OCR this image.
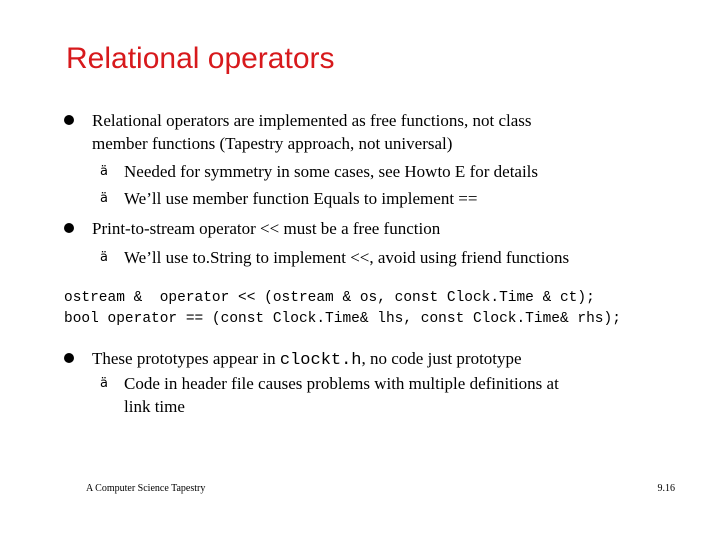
Relational operators
Relational operators are implemented as free functions, not class
member functions (Tapestry approach, not universal)
ä Needed for symmetry in some cases, see Howto E for details
ä We’ll use member function Equals to implement ==
Print-to-stream operator << must be a free function
ä We’ll use to.String to implement <<, avoid using friend functions
ostream &  operator << (ostream & os, const Clock.Time & ct);
bool operator == (const Clock.Time& lhs, const Clock.Time& rhs);
These prototypes appear in clockt.h, no code just prototype
ä Code in header file causes problems with multiple definitions at
link time
A Computer Science Tapestry	9.16
